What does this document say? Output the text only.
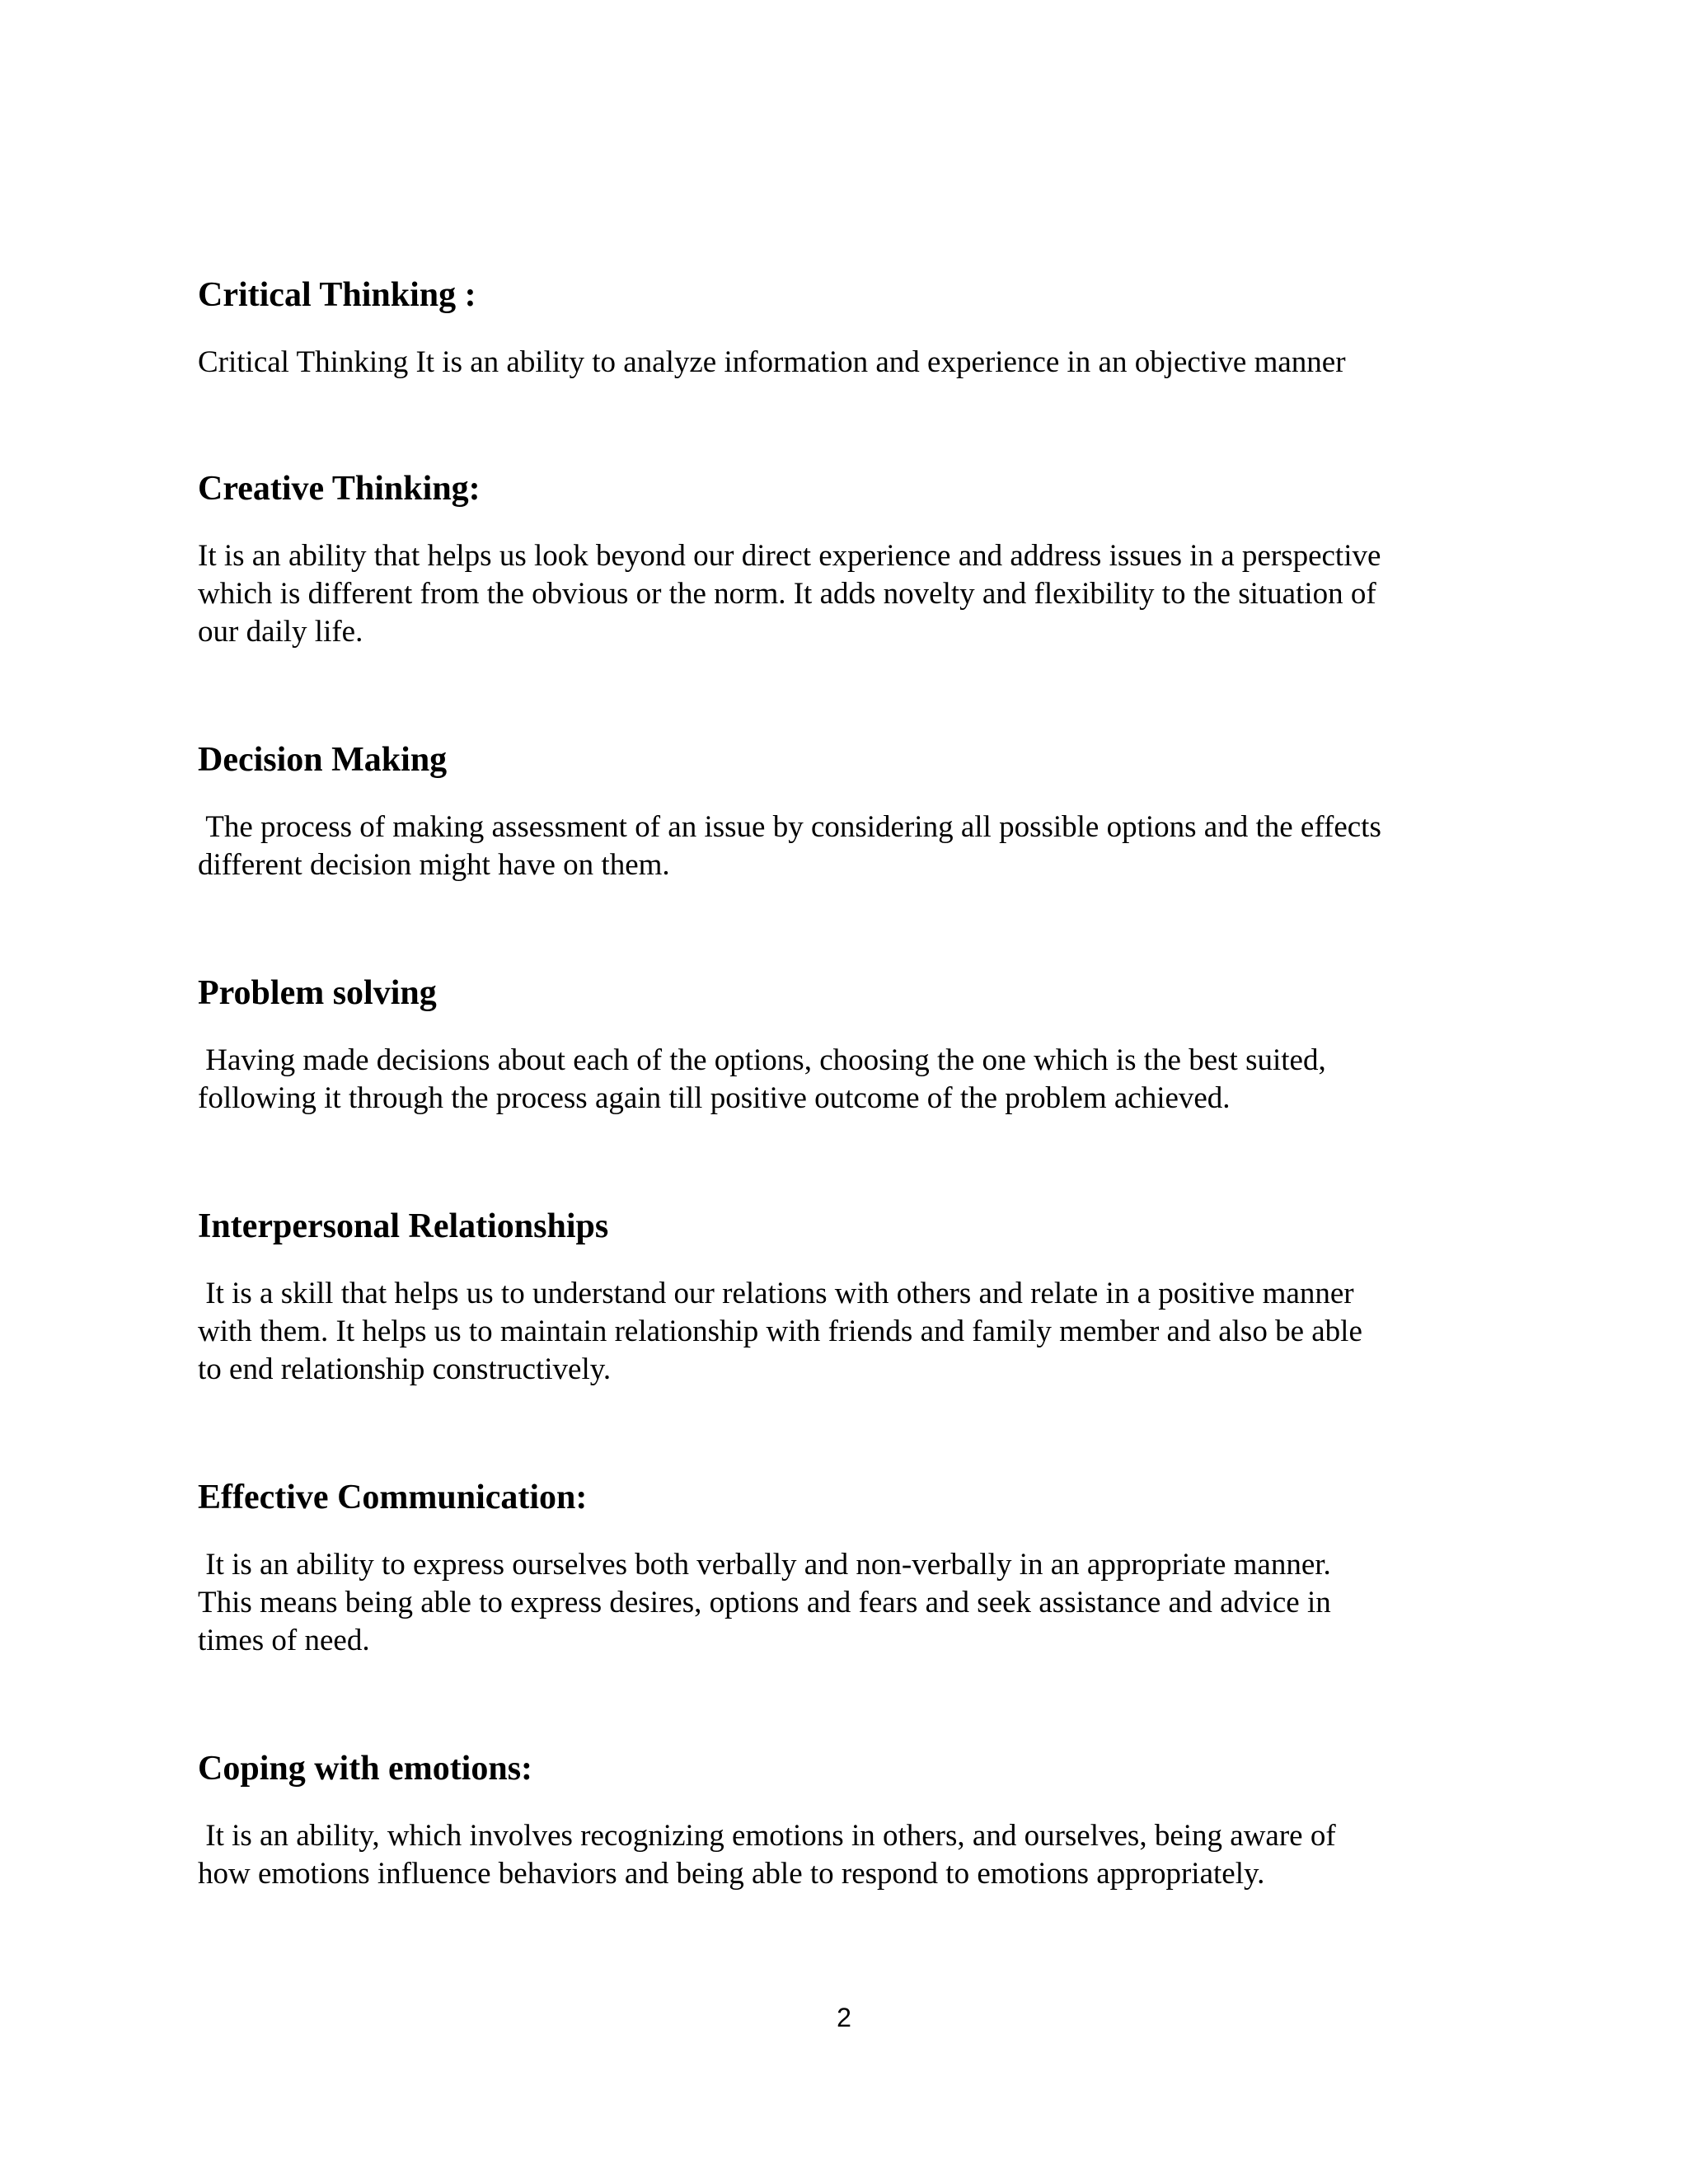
Critical Thinking :
Critical Thinking It is an ability to analyze information and experience in an objective manner
Creative Thinking:
It is an ability that helps us look beyond our direct experience and address issues in a perspective
which is different from the obvious or the norm. It adds novelty and flexibility to the situation of
our daily life.
Decision Making
The process of making assessment of an issue by considering all possible options and the effects
different decision might have on them.
Problem solving
Having made decisions about each of the options, choosing the one which is the best suited,
following it through the process again till positive outcome of the problem achieved.
Interpersonal Relationships
It is a skill that helps us to understand our relations with others and relate in a positive manner
with them. It helps us to maintain relationship with friends and family member and also be able
to end relationship constructively.
Effective Communication:
It is an ability to express ourselves both verbally and non-verbally in an appropriate manner.
This means being able to express desires, options and fears and seek assistance and advice in
times of need.
Coping with emotions:
It is an ability, which involves recognizing emotions in others, and ourselves, being aware of
how emotions influence behaviors and being able to respond to emotions appropriately.
2
